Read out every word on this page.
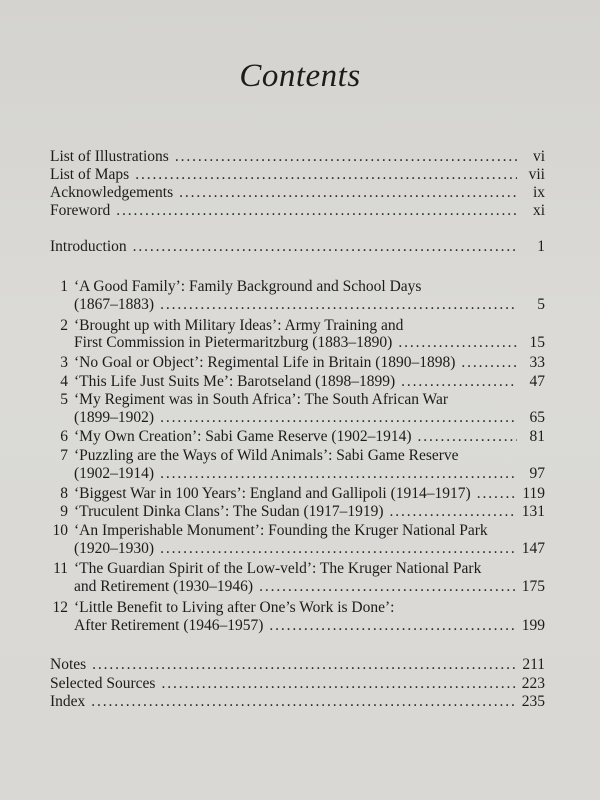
Contents
List of Illustrations . . .	vi
List of Maps . . .	vii
Acknowledgements . . .	ix
Foreword . . .	xi
Introduction . . .	1
1 ‘A Good Family’: Family Background and School Days
(1867–1883) . . .	5
2 ‘Brought up with Military Ideas’: Army Training and
First Commission in Pietermaritzburg (1883–1890) . . .	15
3 ‘No Goal or Object’: Regimental Life in Britain (1890–1898) . . .	33
4 ‘This Life Just Suits Me’: Barotseland (1898–1899) . . .	47
5 ‘My Regiment was in South Africa’: The South African War
(1899–1902) . . .	65
6 ‘My Own Creation’: Sabi Game Reserve (1902–1914) . . .	81
7 ‘Puzzling are the Ways of Wild Animals’: Sabi Game Reserve
(1902–1914) . . .	97
8 ‘Biggest War in 100 Years’: England and Gallipoli (1914–1917) . . .	119
9 ‘Truculent Dinka Clans’: The Sudan (1917–1919) . . .	131
10 ‘An Imperishable Monument’: Founding the Kruger National Park
(1920–1930) . . .	147
11 ‘The Guardian Spirit of the Low-veld’: The Kruger National Park
and Retirement (1930–1946) . . .	175
12 ‘Little Benefit to Living after One’s Work is Done’:
After Retirement (1946–1957) . . .	199
Notes . . .	211
Selected Sources . . .	223
Index . . .	235
